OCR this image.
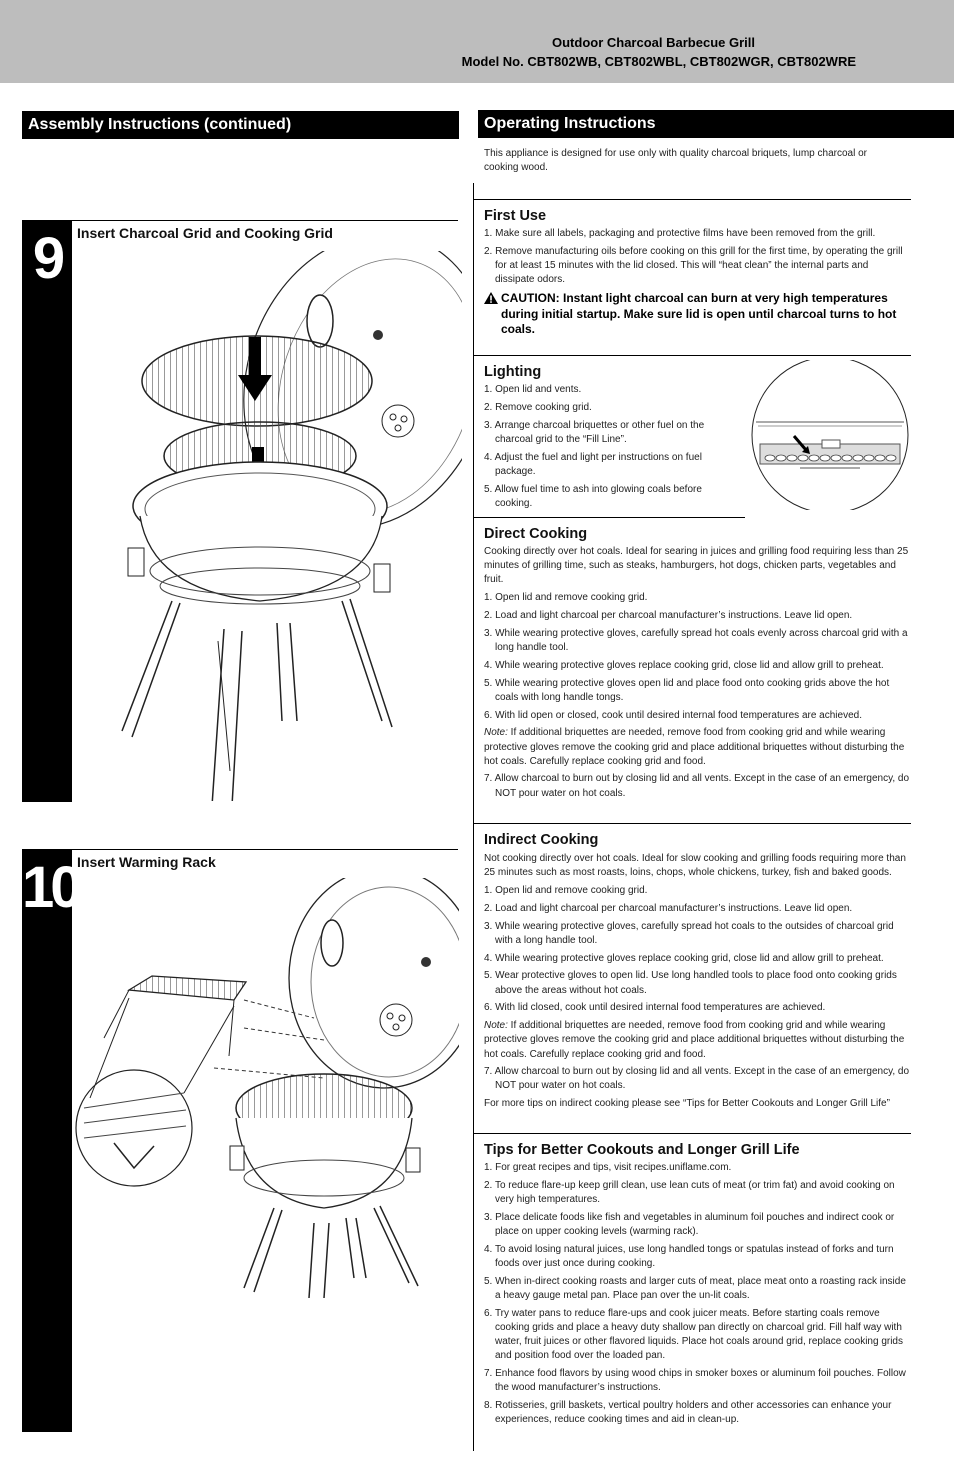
Outdoor Charcoal Barbecue Grill
Model No. CBT802WB, CBT802WBL, CBT802WGR, CBT802WRE
Assembly Instructions (continued)
9	Insert Charcoal Grid and Cooking Grid
10
Insert Warming Rack
Operating Instructions

This appliance is designed for use only with quality charcoal briquets, lump charcoal or cooking wood.

First Use
1. Make sure all labels, packaging and protective films have been removed from the grill.
2. Remove manufacturing oils before cooking on this grill for the first time, by operating the grill for at least 15 minutes with the lid closed. This will “heat clean” the internal parts and dissipate odors.
CAUTION: Instant light charcoal can burn at very high temperatures during initial startup. Make sure lid is open until charcoal turns to hot coals.
Lighting
1. Open lid and vents.
2. Remove cooking grid.
3. Arrange charcoal briquettes or other fuel on the charcoal grid to the “Fill Line”.
4. Adjust the fuel and light per instructions on fuel package.
5. Allow fuel time to ash into glowing coals before cooking.
Direct Cooking

Cooking directly over hot coals. Ideal for searing in juices and grilling food requiring less than 25 minutes of grilling time, such as steaks, hamburgers, hot dogs, chicken parts, vegetables and fruit.

1. Open lid and remove cooking grid.
2. Load and light charcoal per charcoal manufacturer’s instructions. Leave lid open.
3. While wearing protective gloves, carefully spread hot coals evenly across charcoal grid with a long handle tool.
4. While wearing protective gloves replace cooking grid, close lid and allow grill to preheat.
5. While wearing protective gloves open lid and place food onto cooking grids above the hot coals with long handle tongs.
6. With lid open or closed, cook until desired internal food temperatures are achieved.

Note: If additional briquettes are needed, remove food from cooking grid and while wearing protective gloves remove the cooking grid and place additional briquettes without disturbing the hot coals. Carefully replace cooking grid and food.

7. Allow charcoal to burn out by closing lid and all vents. Except in the case of an emergency, do NOT pour water on hot coals.
Indirect Cooking

Not cooking directly over hot coals. Ideal for slow cooking and grilling foods requiring more than 25 minutes such as most roasts, loins, chops, whole chickens, turkey, fish and baked goods.

1. Open lid and remove cooking grid.
2. Load and light charcoal per charcoal manufacturer’s instructions. Leave lid open.
3. While wearing protective gloves, carefully spread hot coals to the outsides of charcoal grid with a long handle tool.
4. While wearing protective gloves replace cooking grid, close lid and allow grill to preheat.
5. Wear protective gloves to open lid. Use long handled tools to place food onto cooking grids above the areas without hot coals.
6. With lid closed, cook until desired internal food temperatures are achieved.

Note: If additional briquettes are needed, remove food from cooking grid and while wearing protective gloves remove the cooking grid and place additional briquettes without disturbing the hot coals. Carefully replace cooking grid and food.

7. Allow charcoal to burn out by closing lid and all vents. Except in the case of an emergency, do NOT pour water on hot coals.

For more tips on indirect cooking please see “Tips for Better Cookouts and Longer Grill Life”

Tips for Better Cookouts and Longer Grill Life
1. For great recipes and tips, visit recipes.uniflame.com.
2. To reduce flare-up keep grill clean, use lean cuts of meat (or trim fat) and avoid cooking on very high temperatures.
3. Place delicate foods like fish and vegetables in aluminum foil pouches and indirect cook or place on upper cooking levels (warming rack).
4. To avoid losing natural juices, use long handled tongs or spatulas instead of forks and turn foods over just once during cooking.
5. When in-direct cooking roasts and larger cuts of meat, place meat onto a roasting rack inside a heavy gauge metal pan. Place pan over the un-lit coals.
6. Try water pans to reduce flare-ups and cook juicer meats. Before starting coals remove cooking grids and place a heavy duty shallow pan directly on charcoal grid. Fill half way with water, fruit juices or other flavored liquids. Place hot coals around grid, replace cooking grids and position food over the loaded pan.
7. Enhance food flavors by using wood chips in smoker boxes or aluminum foil pouches. Follow the wood manufacturer’s instructions.
8. Rotisseries, grill baskets, vertical poultry holders and other accessories can enhance your experiences, reduce cooking times and aid in clean-up.
